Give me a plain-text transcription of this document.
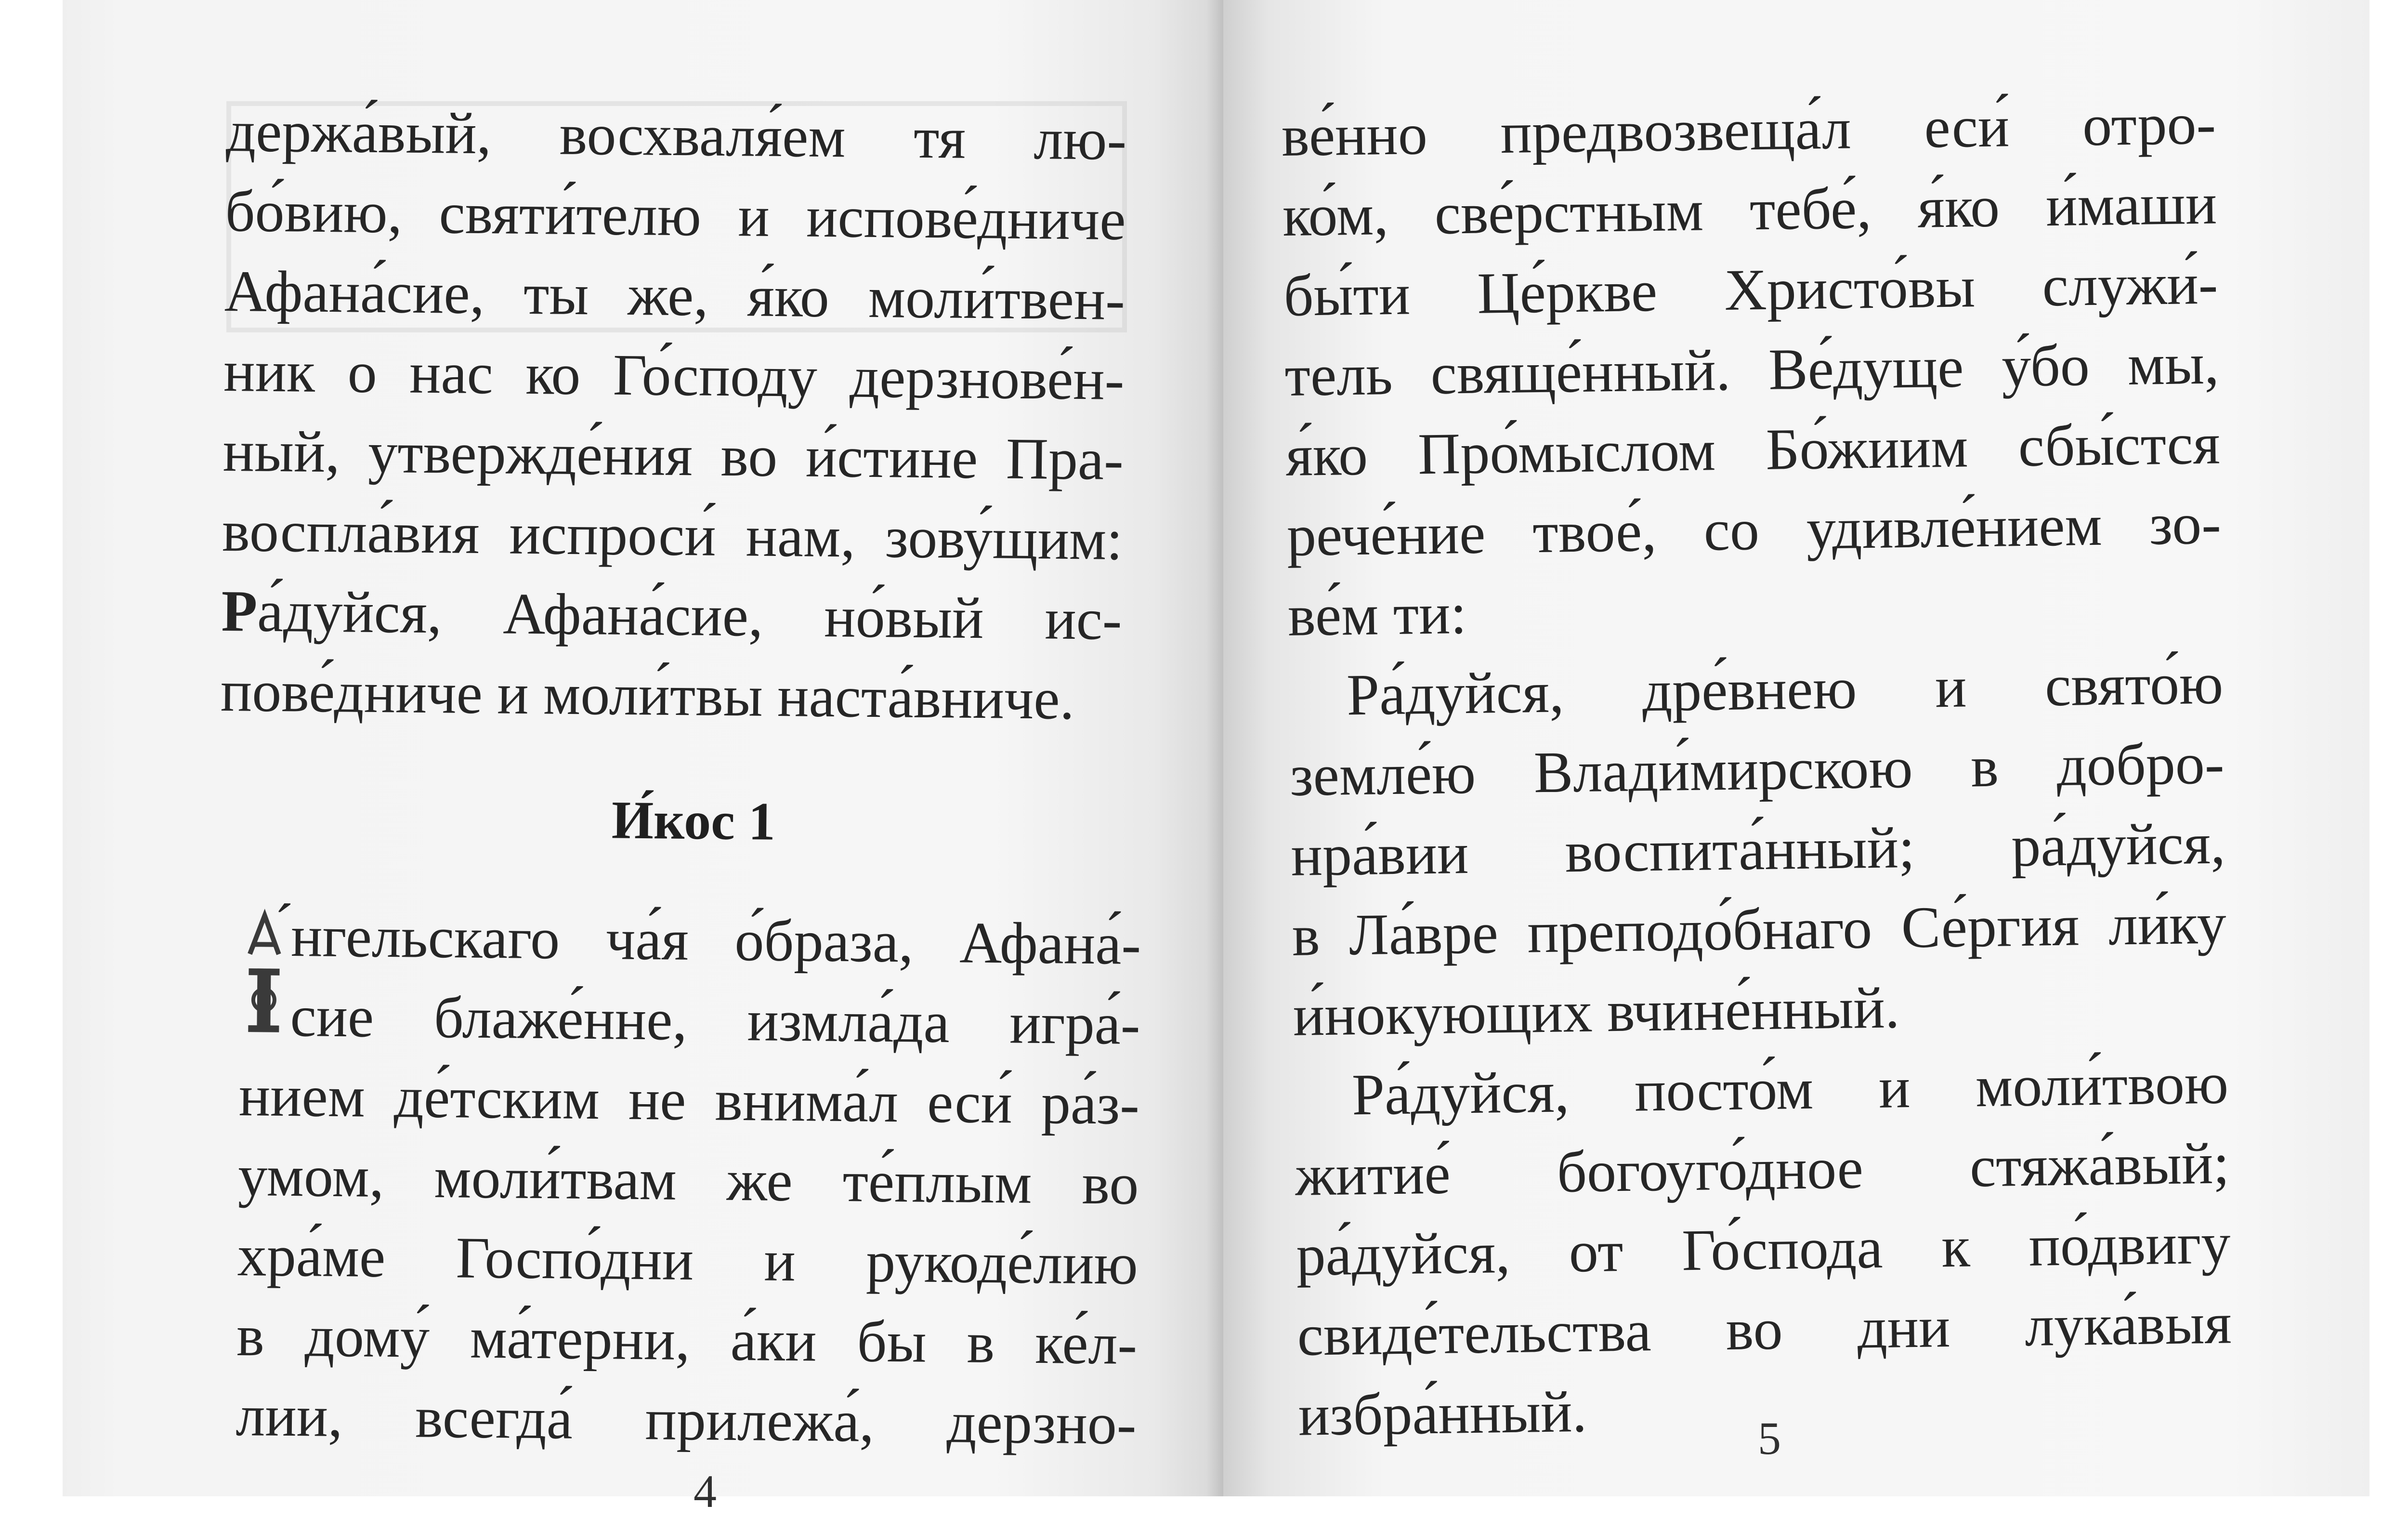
держа́вый, восхваля́ем тя лю-
бо́вию, святи́телю и испове́дниче
Афана́сие, ты же, я́ко моли́твен-
ник о нас ко Го́споду дерзнове́н-
ный, утвержде́ния во и́стине Пра-
воспла́вия испроси́ нам, зову́щим:
Ра́дуйся, Афана́сие, но́вый ис-
пове́дниче и моли́твы наста́вниче.
И́кос 1
́нгельскаго ча́я о́браза, Афана́-
сие блаже́нне, измла́да игра́-
нием де́тским не внима́л еси́ ра́з-
умом, моли́твам же те́плым во
хра́ме Госпо́дни и рукоде́лию
в дому́ ма́терни, а́ки бы в ке́л-
лии, всегда́ прилежа́, дерзно-
4
ве́нно предвозвеща́л еси́ отро-
ко́м, све́рстным тебе́, я́ко и́маши
бы́ти Це́ркве Христо́вы служи́-
тель свяще́нный. Ве́дуще у́бо мы,
я́ко Про́мыслом Бо́жиим сбы́стся
рече́ние твое́, со удивле́нием зо-
ве́м ти:
Ра́дуйся, дре́внею и свято́ю
земле́ю Влади́мирскою в добро-
нра́вии воспита́нный; ра́дуйся,
в Ла́вре преподо́бнаго Се́ргия ли́ку
и́нокующих вчине́нный.
Ра́дуйся, посто́м и моли́твою
житие́ богоуго́дное стяжа́вый;
ра́дуйся, от Го́спода к по́двигу
свиде́тельства во дни лука́выя
избра́нный.	5
